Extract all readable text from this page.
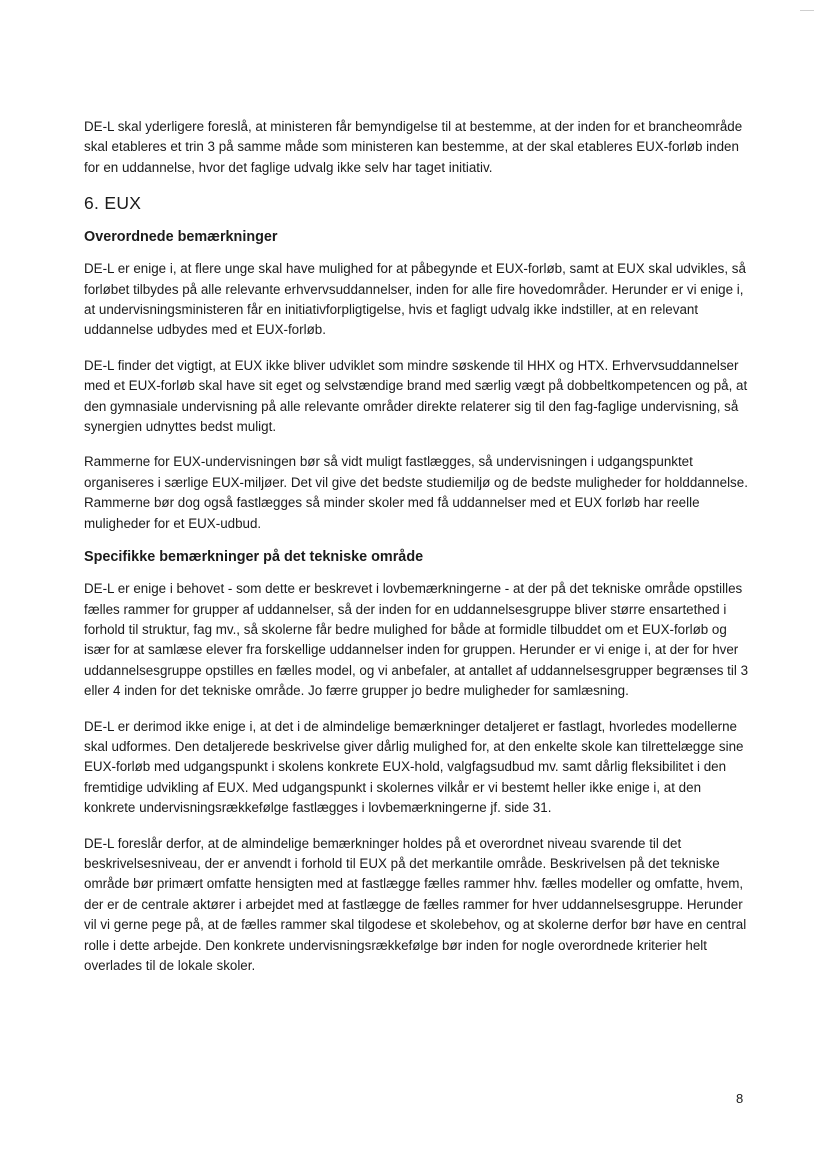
DE-L skal yderligere foreslå, at ministeren får bemyndigelse til at bestemme, at der inden for et brancheområde skal etableres et trin 3 på samme måde som ministeren kan bestemme, at der skal etableres EUX-forløb inden for en uddannelse, hvor det faglige udvalg ikke selv har taget initiativ.

6. EUX
Overordnede bemærkninger

DE-L er enige i, at flere unge skal have mulighed for at påbegynde et EUX-forløb, samt at EUX skal udvikles, så forløbet tilbydes på alle relevante erhvervsuddannelser, inden for alle fire hovedområder. Herunder er vi enige i, at undervisningsministeren får en initiativforpligtigelse, hvis et fagligt udvalg ikke indstiller, at en relevant uddannelse udbydes med et EUX-forløb.

DE-L finder det vigtigt, at EUX ikke bliver udviklet som mindre søskende til HHX og HTX. Erhvervsuddannelser med et EUX-forløb skal have sit eget og selvstændige brand med særlig vægt på dobbeltkompetencen og på, at den gymnasiale undervisning på alle relevante områder direkte relaterer sig til den fag-faglige undervisning, så synergien udnyttes bedst muligt.

Rammerne for EUX-undervisningen bør så vidt muligt fastlægges, så undervisningen i udgangspunktet organiseres i særlige EUX-miljøer. Det vil give det bedste studiemiljø og de bedste muligheder for holddannelse. Rammerne bør dog også fastlægges så minder skoler med få uddannelser med et EUX forløb har reelle muligheder for et EUX-udbud.

Specifikke bemærkninger på det tekniske område

DE-L er enige i behovet - som dette er beskrevet i lovbemærkningerne - at der på det tekniske område opstilles fælles rammer for grupper af uddannelser, så der inden for en uddannelsesgruppe bliver større ensartethed i forhold til struktur, fag mv., så skolerne får bedre mulighed for både at formidle tilbuddet om et EUX-forløb og især for at samlæse elever fra forskellige uddannelser inden for gruppen. Herunder er vi enige i, at der for hver uddannelsesgruppe opstilles en fælles model, og vi anbefaler, at antallet af uddannelsesgrupper begrænses til 3 eller 4 inden for det tekniske område. Jo færre grupper jo bedre muligheder for samlæsning.

DE-L er derimod ikke enige i, at det i de almindelige bemærkninger detaljeret er fastlagt, hvorledes modellerne skal udformes. Den detaljerede beskrivelse giver dårlig mulighed for, at den enkelte skole kan tilrettelægge sine EUX-forløb med udgangspunkt i skolens konkrete EUX-hold, valgfagsudbud mv. samt dårlig fleksibilitet i den fremtidige udvikling af EUX. Med udgangspunkt i skolernes vilkår er vi bestemt heller ikke enige i, at den konkrete undervisningsrækkefølge fastlægges i lovbemærkningerne jf. side 31.

DE-L foreslår derfor, at de almindelige bemærkninger holdes på et overordnet niveau svarende til det beskrivelsesniveau, der er anvendt i forhold til EUX på det merkantile område. Beskrivelsen på det tekniske område bør primært omfatte hensigten med at fastlægge fælles rammer hhv. fælles modeller og omfatte, hvem, der er de centrale aktører i arbejdet med at fastlægge de fælles rammer for hver uddannelsesgruppe. Herunder vil vi gerne pege på, at de fælles rammer skal tilgodese et skolebehov, og at skolerne derfor bør have en central rolle i dette arbejde. Den konkrete undervisningsrækkefølge bør inden for nogle overordnede kriterier helt overlades til de lokale skoler.

8
